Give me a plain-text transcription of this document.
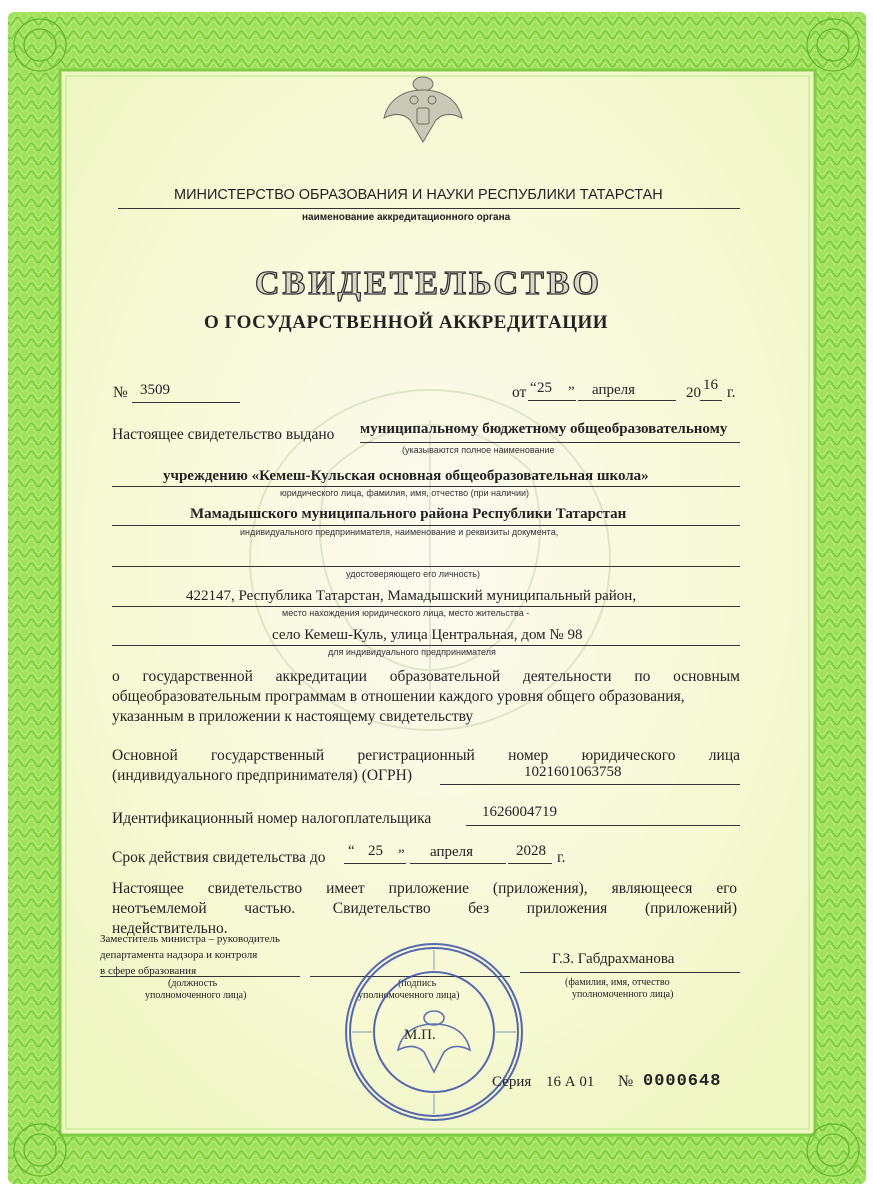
МИНИСТЕРСТВО ОБРАЗОВАНИЯ И НАУКИ РЕСПУБЛИКИ ТАТАРСТАН
наименование аккредитационного органа
СВИДЕТЕЛЬСТВО
О ГОСУДАРСТВЕННОЙ АККРЕДИТАЦИИ
№ 3509	от “ 25 ” апреля	20 16 г.
Настоящее свидетельство выдано муниципальному бюджетному общеобразовательному
(указываются полное наименование
учреждению «Кемеш-Кульская основная общеобразовательная школа»
юридического лица, фамилия, имя, отчество (при наличии)
Мамадышского муниципального района Республики Татарстан
индивидуального предпринимателя, наименование и реквизиты документа,
удостоверяющего его личность)
422147, Республика Татарстан, Мамадышский муниципальный район,
место нахождения юридического лица, место жительства -
село Кемеш-Куль, улица Центральная, дом № 98
для индивидуального предпринимателя
о государственной аккредитации образовательной деятельности по основным
общеобразовательным программам в отношении каждого уровня общего образования,
указанным в приложении к настоящему свидетельству
Основной государственный регистрационный номер юридического лица
(индивидуального предпринимателя) (ОГРН)	1021601063758
Идентификационный номер налогоплательщика	1626004719
Срок действия свидетельства до “ 25 ” апреля	2028 г.
Настоящее свидетельство имеет приложение (приложения), являющееся его
неотъемлемой частью. Свидетельство без приложения (приложений)
недействительно.
Заместитель министра – руководитель
департамента надзора и контроля
в сфере образования
(должность
уполномоченного лица)
(подпись
уполномоченного лица)
Г.З. Габдрахманова
(фамилия, имя, отчество
уполномоченного лица)
М.П.
Серия 16 А 01 № 0000648
